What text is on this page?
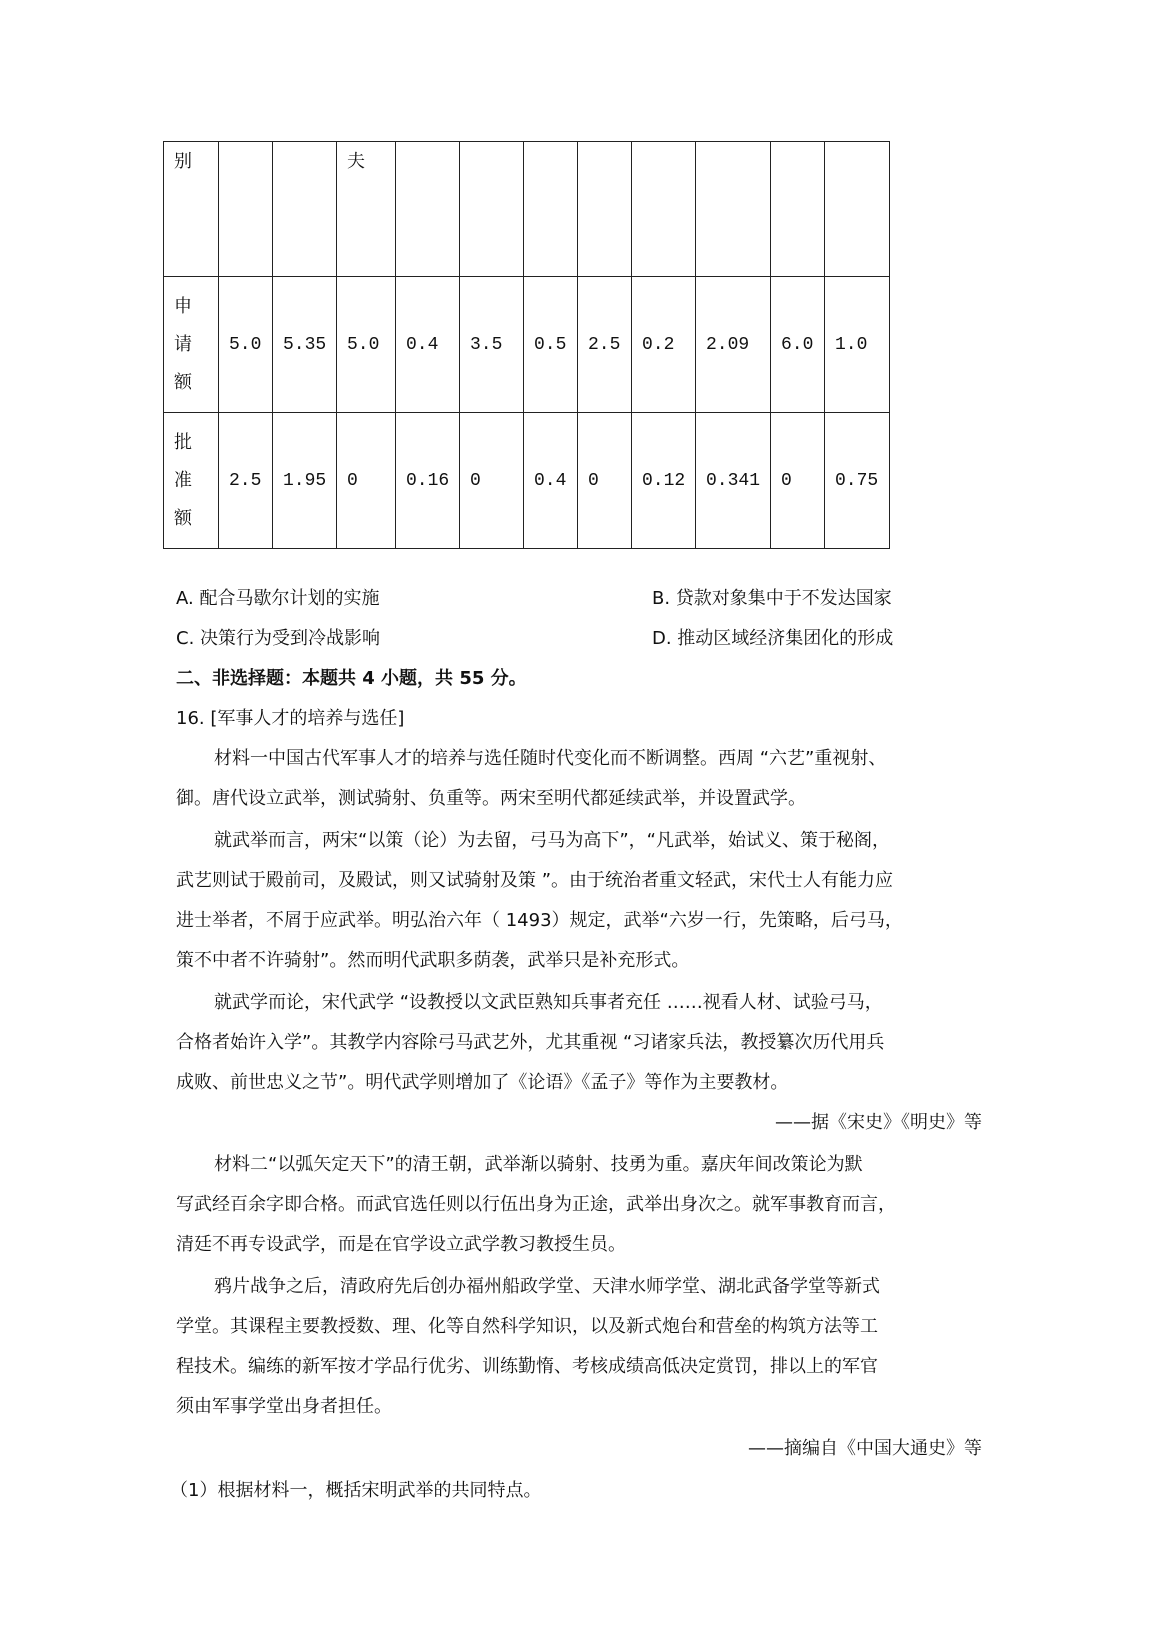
别			夫								

申请额	5.0	5.35	5.0	0.4	3.5	0.5	2.5	0.2	2.09	6.0	1.0

批准额	2.5	1.95	0	0.16	0	0.4	0	0.12	0.341	0	0.75
A. 配合马歇尔计划的实施	B. 贷款对象集中于不发达国家
C. 决策行为受到冷战影响	D. 推动区域经济集团化的形成
二、非选择题：本题共 4 小题，共 55 分。
16. [军事人才的培养与选任]
材料一中国古代军事人才的培养与选任随时代变化而不断调整。西周 “六艺”重视射、
御。唐代设立武举，测试骑射、负重等。两宋至明代都延续武举，并设置武学。
就武举而言，两宋“以策（论）为去留，弓马为高下”，“凡武举，始试义、策于秘阁，
武艺则试于殿前司，及殿试，则又试骑射及策 ”。由于统治者重文轻武，宋代士人有能力应
进士举者，不屑于应武举。明弘治六年（ 1493）规定，武举“六岁一行，先策略，后弓马，
策不中者不许骑射”。然而明代武职多荫袭，武举只是补充形式。
就武学而论，宋代武学 “设教授以文武臣熟知兵事者充任 ……视看人材、试验弓马，
合格者始许入学”。其教学内容除弓马武艺外，尤其重视 “习诸家兵法，教授纂次历代用兵
成败、前世忠义之节”。明代武学则增加了《论语》《孟子》等作为主要教材。
——据《宋史》《明史》等
材料二“以弧矢定天下”的清王朝，武举渐以骑射、技勇为重。嘉庆年间改策论为默
写武经百余字即合格。而武官选任则以行伍出身为正途，武举出身次之。就军事教育而言，
清廷不再专设武学，而是在官学设立武学教习教授生员。
鸦片战争之后，清政府先后创办福州船政学堂、天津水师学堂、湖北武备学堂等新式
学堂。其课程主要教授数、理、化等自然科学知识，以及新式炮台和营垒的构筑方法等工
程技术。编练的新军按才学品行优劣、训练勤惰、考核成绩高低决定赏罚，排以上的军官
须由军事学堂出身者担任。
——摘编自《中国大通史》等
（1）根据材料一，概括宋明武举的共同特点。
